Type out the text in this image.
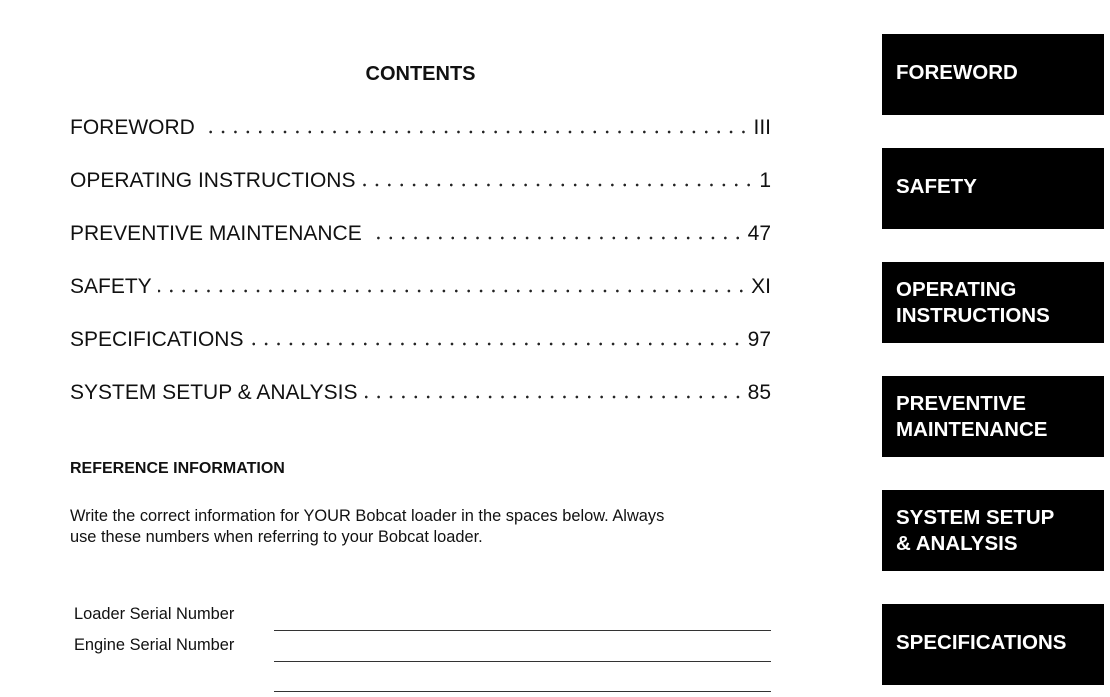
CONTENTS
FOREWORD	III
OPERATING INSTRUCTIONS	1
PREVENTIVE MAINTENANCE	47
SAFETY	XI
SPECIFICATIONS	97
SYSTEM SETUP & ANALYSIS	85
REFERENCE INFORMATION
Write the correct information for YOUR Bobcat loader in the spaces below. Always
use these numbers when referring to your Bobcat loader.
Loader Serial Number
Engine Serial Number
FOREWORD
SAFETY
OPERATING
INSTRUCTIONS
PREVENTIVE
MAINTENANCE
SYSTEM SETUP
& ANALYSIS
SPECIFICATIONS
